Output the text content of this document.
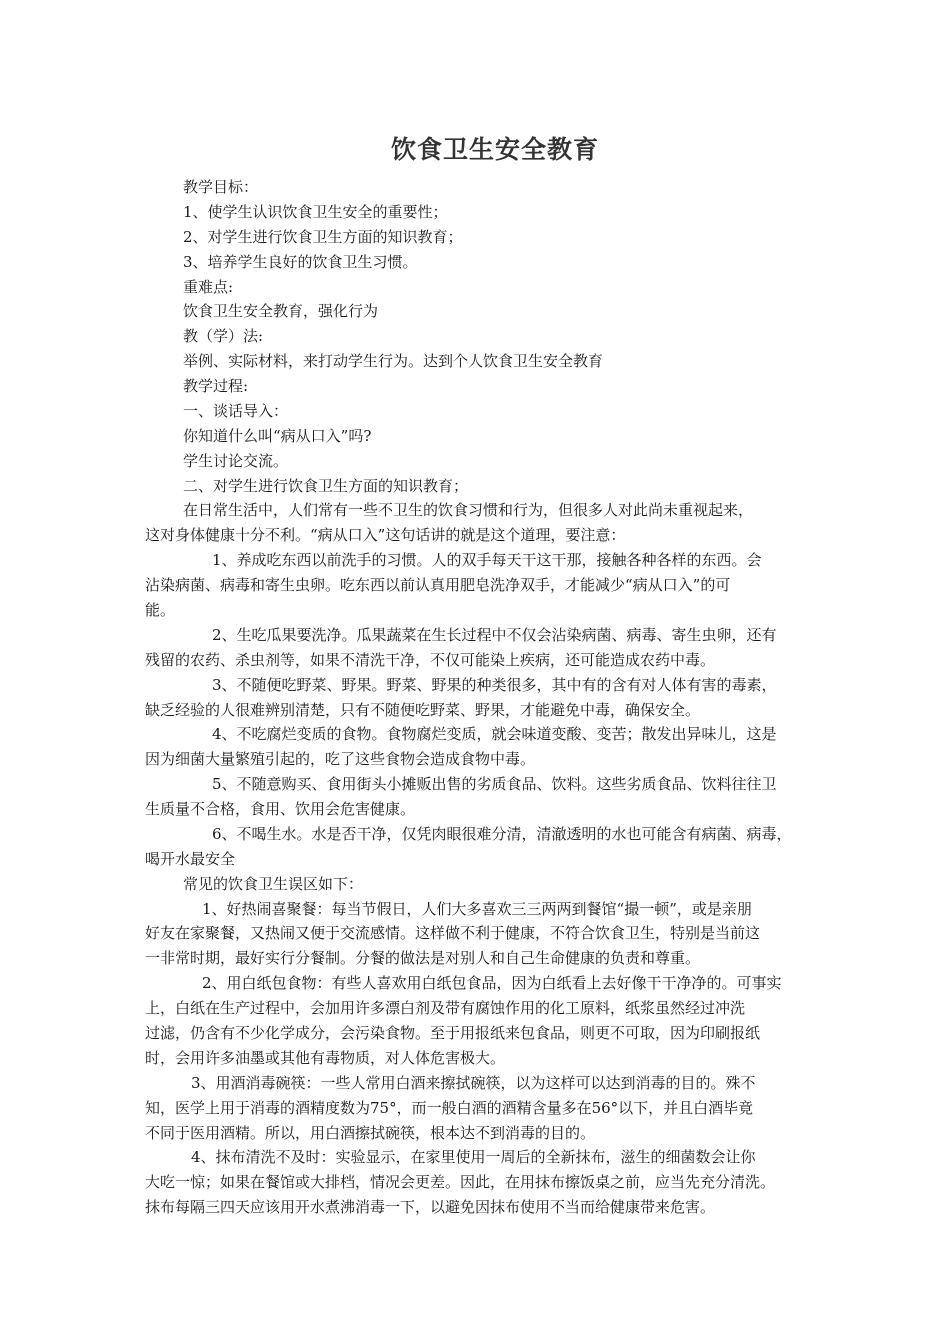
饮食卫生安全教育
教学目标：
1、使学生认识饮食卫生安全的重要性；
2、对学生进行饮食卫生方面的知识教育；
3、培养学生良好的饮食卫生习惯。
重难点:
饮食卫生安全教育，强化行为
教（学）法:
举例、实际材料，来打动学生行为。达到个人饮食卫生安全教育
教学过程:
一、谈话导入：
你知道什么叫“病从口入”吗?
学生讨论交流。
二、对学生进行饮食卫生方面的知识教育；
在日常生活中，人们常有一些不卫生的饮食习惯和行为，但很多人对此尚未重视起来，
这对身体健康十分不利。“病从口入”这句话讲的就是这个道理，要注意：
1、养成吃东西以前洗手的习惯。人的双手每天干这干那，接触各种各样的东西。会
沾染病菌、病毒和寄生虫卵。吃东西以前认真用肥皂洗净双手，才能减少“病从口入”的可
能。
2、生吃瓜果要洗净。瓜果蔬菜在生长过程中不仅会沾染病菌、病毒、寄生虫卵，还有
残留的农药、杀虫剂等，如果不清洗干净，不仅可能染上疾病，还可能造成农药中毒。
3、不随便吃野菜、野果。野菜、野果的种类很多，其中有的含有对人体有害的毒素，
缺乏经验的人很难辨别清楚，只有不随便吃野菜、野果，才能避免中毒，确保安全。
4、不吃腐烂变质的食物。食物腐烂变质，就会味道变酸、变苦；散发出异味儿，这是
因为细菌大量繁殖引起的，吃了这些食物会造成食物中毒。
5、不随意购买、食用街头小摊贩出售的劣质食品、饮料。这些劣质食品、饮料往往卫
生质量不合格，食用、饮用会危害健康。
6、不喝生水。水是否干净，仅凭肉眼很难分清，清澈透明的水也可能含有病菌、病毒，
喝开水最安全
常见的饮食卫生误区如下：
1、好热闹喜聚餐：每当节假日，人们大多喜欢三三两两到餐馆“撮一顿”，或是亲朋
好友在家聚餐，又热闹又便于交流感情。这样做不利于健康，不符合饮食卫生，特别是当前这
一非常时期，最好实行分餐制。分餐的做法是对别人和自己生命健康的负责和尊重。
2、用白纸包食物：有些人喜欢用白纸包食品，因为白纸看上去好像干干净净的。可事实
上，白纸在生产过程中，会加用许多漂白剂及带有腐蚀作用的化工原料，纸浆虽然经过冲洗
过滤，仍含有不少化学成分，会污染食物。至于用报纸来包食品，则更不可取，因为印刷报纸
时，会用许多油墨或其他有毒物质，对人体危害极大。
3、用酒消毒碗筷：一些人常用白酒来擦拭碗筷，以为这样可以达到消毒的目的。殊不
知，医学上用于消毒的酒精度数为75°，而一般白酒的酒精含量多在56°以下，并且白酒毕竟
不同于医用酒精。所以，用白酒擦拭碗筷，根本达不到消毒的目的。
4、抹布清洗不及时：实验显示，在家里使用一周后的全新抹布，滋生的细菌数会让你
大吃一惊；如果在餐馆或大排档，情况会更差。因此，在用抹布擦饭桌之前，应当先充分清洗。
抹布每隔三四天应该用开水煮沸消毒一下，以避免因抹布使用不当而给健康带来危害。
